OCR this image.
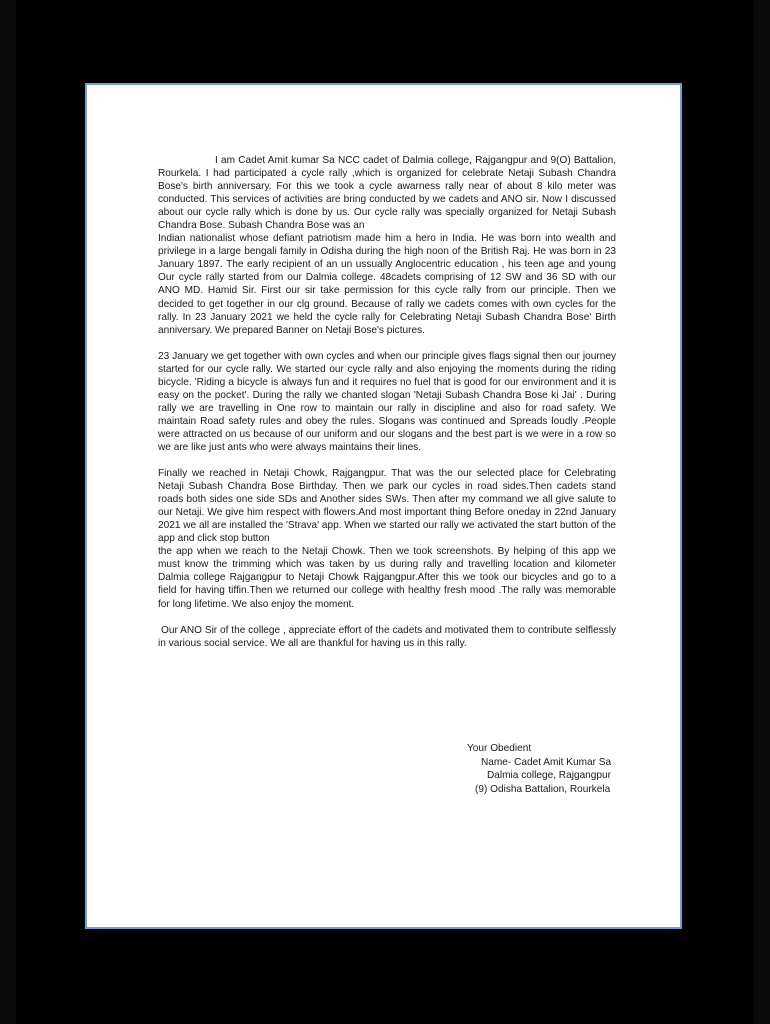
I am Cadet Amit kumar Sa NCC cadet of Dalmia college, Rajgangpur and 9(O) Battalion, Rourkela. I had participated a cycle rally ,which is organized for celebrate Netaji Subash Chandra Bose's birth anniversary. For this we took a cycle awarness rally near of about 8 kilo meter was conducted. This services of activities are bring conducted by we cadets and ANO sir. Now I discussed about our cycle rally which is done by us. Our cycle rally was specially organized for Netaji Subash Chandra Bose. Subash Chandra Bose was an

Indian nationalist whose defiant patriotism made him a hero in India. He was born into wealth and privilege in a large bengali family in Odisha during the high noon of the British Raj. He was born in 23 January 1897. The early recipient of an un ussually Anglocentric education , his teen age and young Our cycle rally started from our Dalmia college. 48cadets comprising of 12 SW and 36 SD with our ANO MD. Hamid Sir. First our sir take permission for this cycle rally from our principle. Then we decided to get together in our clg ground. Because of rally we cadets comes with own cycles for the rally. In 23 January 2021 we held the cycle rally for Celebrating Netaji Subash Chandra Bose' Birth anniversary. We prepared Banner on Netaji Bose's pictures.

23 January we get together with own cycles and when our principle gives flags signal then our journey started for our cycle rally. We started our cycle rally and also enjoying the moments during the riding bicycle. 'Riding a bicycle is always fun and it requires no fuel that is good for our environment and it is easy on the pocket'. During the rally we chanted slogan 'Netaji Subash Chandra Bose ki Jai' . During rally we are travelling in One row to maintain our rally in discipline and also for road safety. We maintain Road safety rules and obey the rules. Slogans was continued and Spreads loudly .People were attracted on us because of our uniform and our slogans and the best part is we were in a row so we are like just ants who were always maintains their lines.

Finally we reached in Netaji Chowk, Rajgangpur. That was the our selected place for Celebrating Netaji Subash Chandra Bose Birthday. Then we park our cycles in road sides.Then cadets stand roads both sides one side SDs and Another sides SWs. Then after my command we all give salute to our Netaji. We give him respect with flowers.And most important thing Before oneday in 22nd January 2021 we all are installed the 'Strava' app. When we started our rally we activated the start button of the app and click stop button

the app when we reach to the Netaji Chowk. Then we took screenshots. By helping of this app we must know the trimming which was taken by us during rally and travelling location and kilometer Dalmia college Rajgangpur to Netaji Chowk Rajgangpur.After this we took our bicycles and go to a field for having tiffin.Then we returned our college with healthy fresh mood .The rally was memorable for long lifetime. We also enjoy the moment.

Our ANO Sir of the college , appreciate effort of the cadets and motivated them to contribute selflessly in various social service. We all are thankful for having us in this rally.

Your Obedient
Name- Cadet Amit Kumar Sa
Dalmia college, Rajgangpur
(9) Odisha Battalion, Rourkela
